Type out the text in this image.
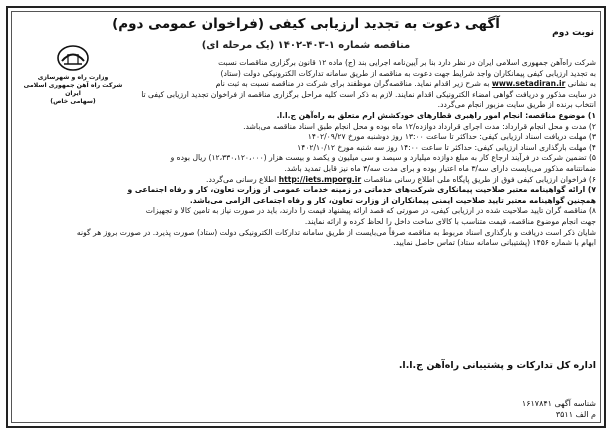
نوبت دوم
آگهی دعوت به تجدید ارزیابی کیفی (فراخوان عمومی دوم)
مناقصه شماره ۱-۴۰۳-۱۴۰۲ (یک مرحله ای)
وزارت راه و شهرسازی
شرکت راه آهن جمهوری اسلامی ایران
(سهامی خاص)

شرکت راه‌آهن جمهوری اسلامی ایران در نظر دارد بنا بر آیین‌نامه اجرایی بند (ج) ماده ۱۲ قانون برگزاری مناقصات نسبت

به تجدید ارزیابی کیفی پیمانکاران واجد شرایط جهت دعوت به مناقصه از طریق سامانه تدارکات الکترونیکی دولت (ستاد)

به نشانی www.setadiran.ir به شرح زیر اقدام نماید. مناقصه‌گران موظفند برای شرکت در مناقصه نسبت به ثبت نام

در سایت مذکور و دریافت گواهی امضاء الکترونیکی اقدام نمایند. لازم به ذکر است کلیه مراحل برگزاری مناقصه از فراخوان تجدید ارزیابی کیفی تا

انتخاب برنده از طریق سایت مزبور انجام می‌گردد.

۱) موضوع مناقصه: انجام امور راهبری قطارهای خودکشش ارم متعلق به راه‌آهن ج.ا.ا.

۲) مدت و محل انجام قرارداد: مدت اجرای قرارداد دوازده/۱۲ ماه بوده و محل انجام طبق اسناد مناقصه می‌باشد.

۳) مهلت دریافت اسناد ارزیابی کیفی: حداکثر تا ساعت ۱۳:۰۰ روز دوشنبه مورخ ۱۴۰۲/۰۹/۲۷

۴) مهلت بارگذاری اسناد ارزیابی کیفی: حداکثر تا ساعت ۱۴:۰۰ روز سه شنبه مورخ ۱۴۰۲/۱۰/۱۲

۵) تضمین شرکت در فرآیند ارجاع کار به مبلغ دوازده میلیارد و سیصد و سی میلیون و یکصد و بیست هزار (۱۲،۳۳۰،۱۲۰،۰۰۰) ریال بوده و

ضمانتنامه مذکور می‌بایست دارای سه/۳ ماه اعتبار بوده و برای مدت سه/۳ ماه نیز قابل تمدید باشد.

۶) فراخوان ارزیابی کیفی فوق از طریق پایگاه ملی اطلاع رسانی مناقصات http://iets.mporg.ir اطلاع رسانی می‌گردد.

۷) ارائه گواهینامه معتبر صلاحیت پیمانکاری شرکت‌های خدماتی در زمینه خدمات عمومی از وزارت تعاون، کار و رفاه اجتماعی و

همچنین گواهینامه معتبر تایید صلاحیت ایمنی پیمانکاران از وزارت تعاون، کار و رفاه اجتماعی الزامی می‌باشد.

۸) مناقصه گران تایید صلاحیت شده در ارزیابی کیفی، در صورتی که قصد ارائه پیشنهاد قیمت را دارند، باید در صورت نیاز به تامین کالا و تجهیزات

جهت انجام موضوع مناقصه، قیمت متناسب با کالای ساخت داخل را لحاظ کرده و ارائه نمایند.

شایان ذکر است دریافت و بارگذاری اسناد مربوط به مناقصه صرفاً می‌بایست از طریق سامانه تدارکات الکترونیکی دولت (ستاد) صورت پذیرد. در صورت بروز هر گونه

ابهام با شماره ۱۴۵۶ (پشتیبانی سامانه ستاد) تماس حاصل نمایید.

اداره کل تدارکات و پشتیبانی راه‌آهن ج.ا.ا.
شناسه آگهی ۱۶۱۷۸۴۱
م الف ۳۵۱۱
